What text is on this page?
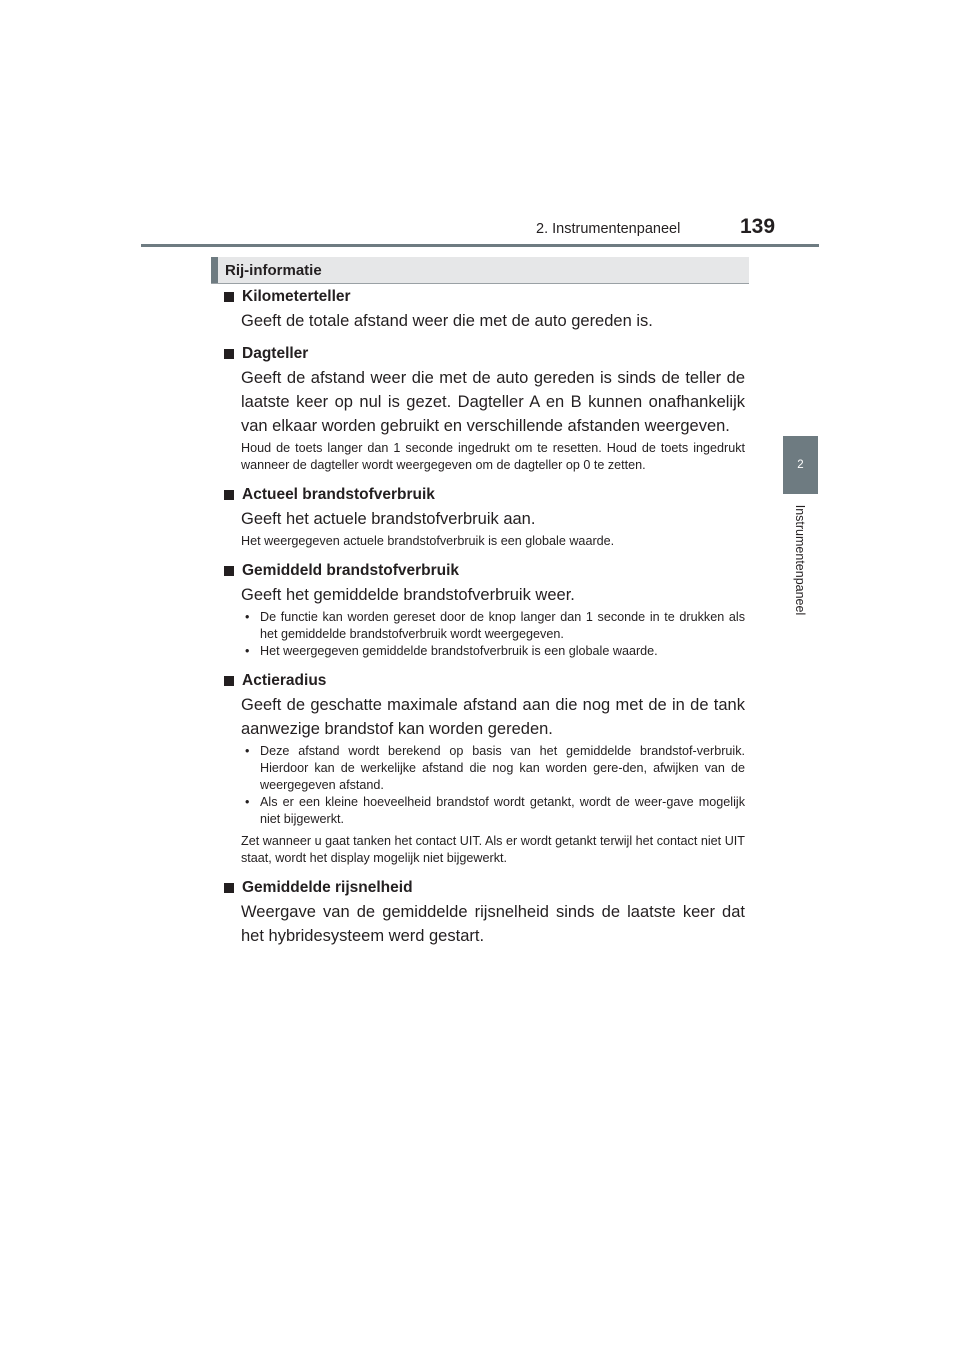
2. Instrumentenpaneel	139
2
Instrumentenpaneel
Rij-informatie
Kilometerteller

Geeft de totale afstand weer die met de auto gereden is.

Dagteller

Geeft de afstand weer die met de auto gereden is sinds de teller de laatste keer op nul is gezet. Dagteller A en B kunnen onafhankelijk van elkaar worden gebruikt en verschillende afstanden weergeven.

Houd de toets langer dan 1 seconde ingedrukt om te resetten. Houd de toets ingedrukt wanneer de dagteller wordt weergegeven om de dagteller op 0 te zetten.

Actueel brandstofverbruik

Geeft het actuele brandstofverbruik aan.

Het weergegeven actuele brandstofverbruik is een globale waarde.

Gemiddeld brandstofverbruik

Geeft het gemiddelde brandstofverbruik weer.

• De functie kan worden gereset door de knop langer dan 1 seconde in te drukken als het gemiddelde brandstofverbruik wordt weergegeven.
• Het weergegeven gemiddelde brandstofverbruik is een globale waarde.
Actieradius

Geeft de geschatte maximale afstand aan die nog met de in de tank aanwezige brandstof kan worden gereden.

• Deze afstand wordt berekend op basis van het gemiddelde brandstof-verbruik. Hierdoor kan de werkelijke afstand die nog kan worden gere-den, afwijken van de weergegeven afstand.
• Als er een kleine hoeveelheid brandstof wordt getankt, wordt de weer-gave mogelijk niet bijgewerkt.

Zet wanneer u gaat tanken het contact UIT. Als er wordt getankt terwijl het contact niet UIT staat, wordt het display mogelijk niet bijgewerkt.

Gemiddelde rijsnelheid

Weergave van de gemiddelde rijsnelheid sinds de laatste keer dat het hybridesysteem werd gestart.
